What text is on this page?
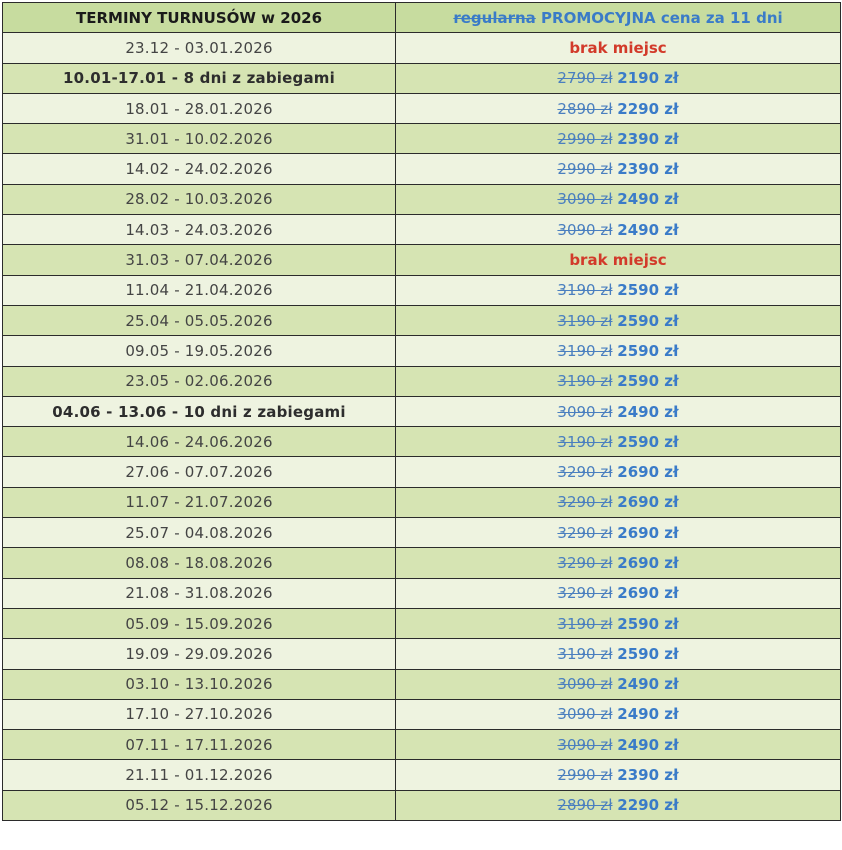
TERMINY TURNUSÓW w 2026	regularna PROMOCYJNA cena za 11 dni
23.12 - 03.01.2026	brak miejsc
10.01-17.01 - 8 dni z zabiegami	2790 zł 2190 zł
18.01 - 28.01.2026	2890 zł 2290 zł
31.01 - 10.02.2026	2990 zł 2390 zł
14.02 - 24.02.2026	2990 zł 2390 zł
28.02 - 10.03.2026	3090 zł 2490 zł
14.03 - 24.03.2026	3090 zł 2490 zł
31.03 - 07.04.2026	brak miejsc
11.04 - 21.04.2026	3190 zł 2590 zł
25.04 - 05.05.2026	3190 zł 2590 zł
09.05 - 19.05.2026	3190 zł 2590 zł
23.05 - 02.06.2026	3190 zł 2590 zł
04.06 - 13.06 - 10 dni z zabiegami	3090 zł 2490 zł
14.06 - 24.06.2026	3190 zł 2590 zł
27.06 - 07.07.2026	3290 zł 2690 zł
11.07 - 21.07.2026	3290 zł 2690 zł
25.07 - 04.08.2026	3290 zł 2690 zł
08.08 - 18.08.2026	3290 zł 2690 zł
21.08 - 31.08.2026	3290 zł 2690 zł
05.09 - 15.09.2026	3190 zł 2590 zł
19.09 - 29.09.2026	3190 zł 2590 zł
03.10 - 13.10.2026	3090 zł 2490 zł
17.10 - 27.10.2026	3090 zł 2490 zł
07.11 - 17.11.2026	3090 zł 2490 zł
21.11 - 01.12.2026	2990 zł 2390 zł
05.12 - 15.12.2026	2890 zł 2290 zł
